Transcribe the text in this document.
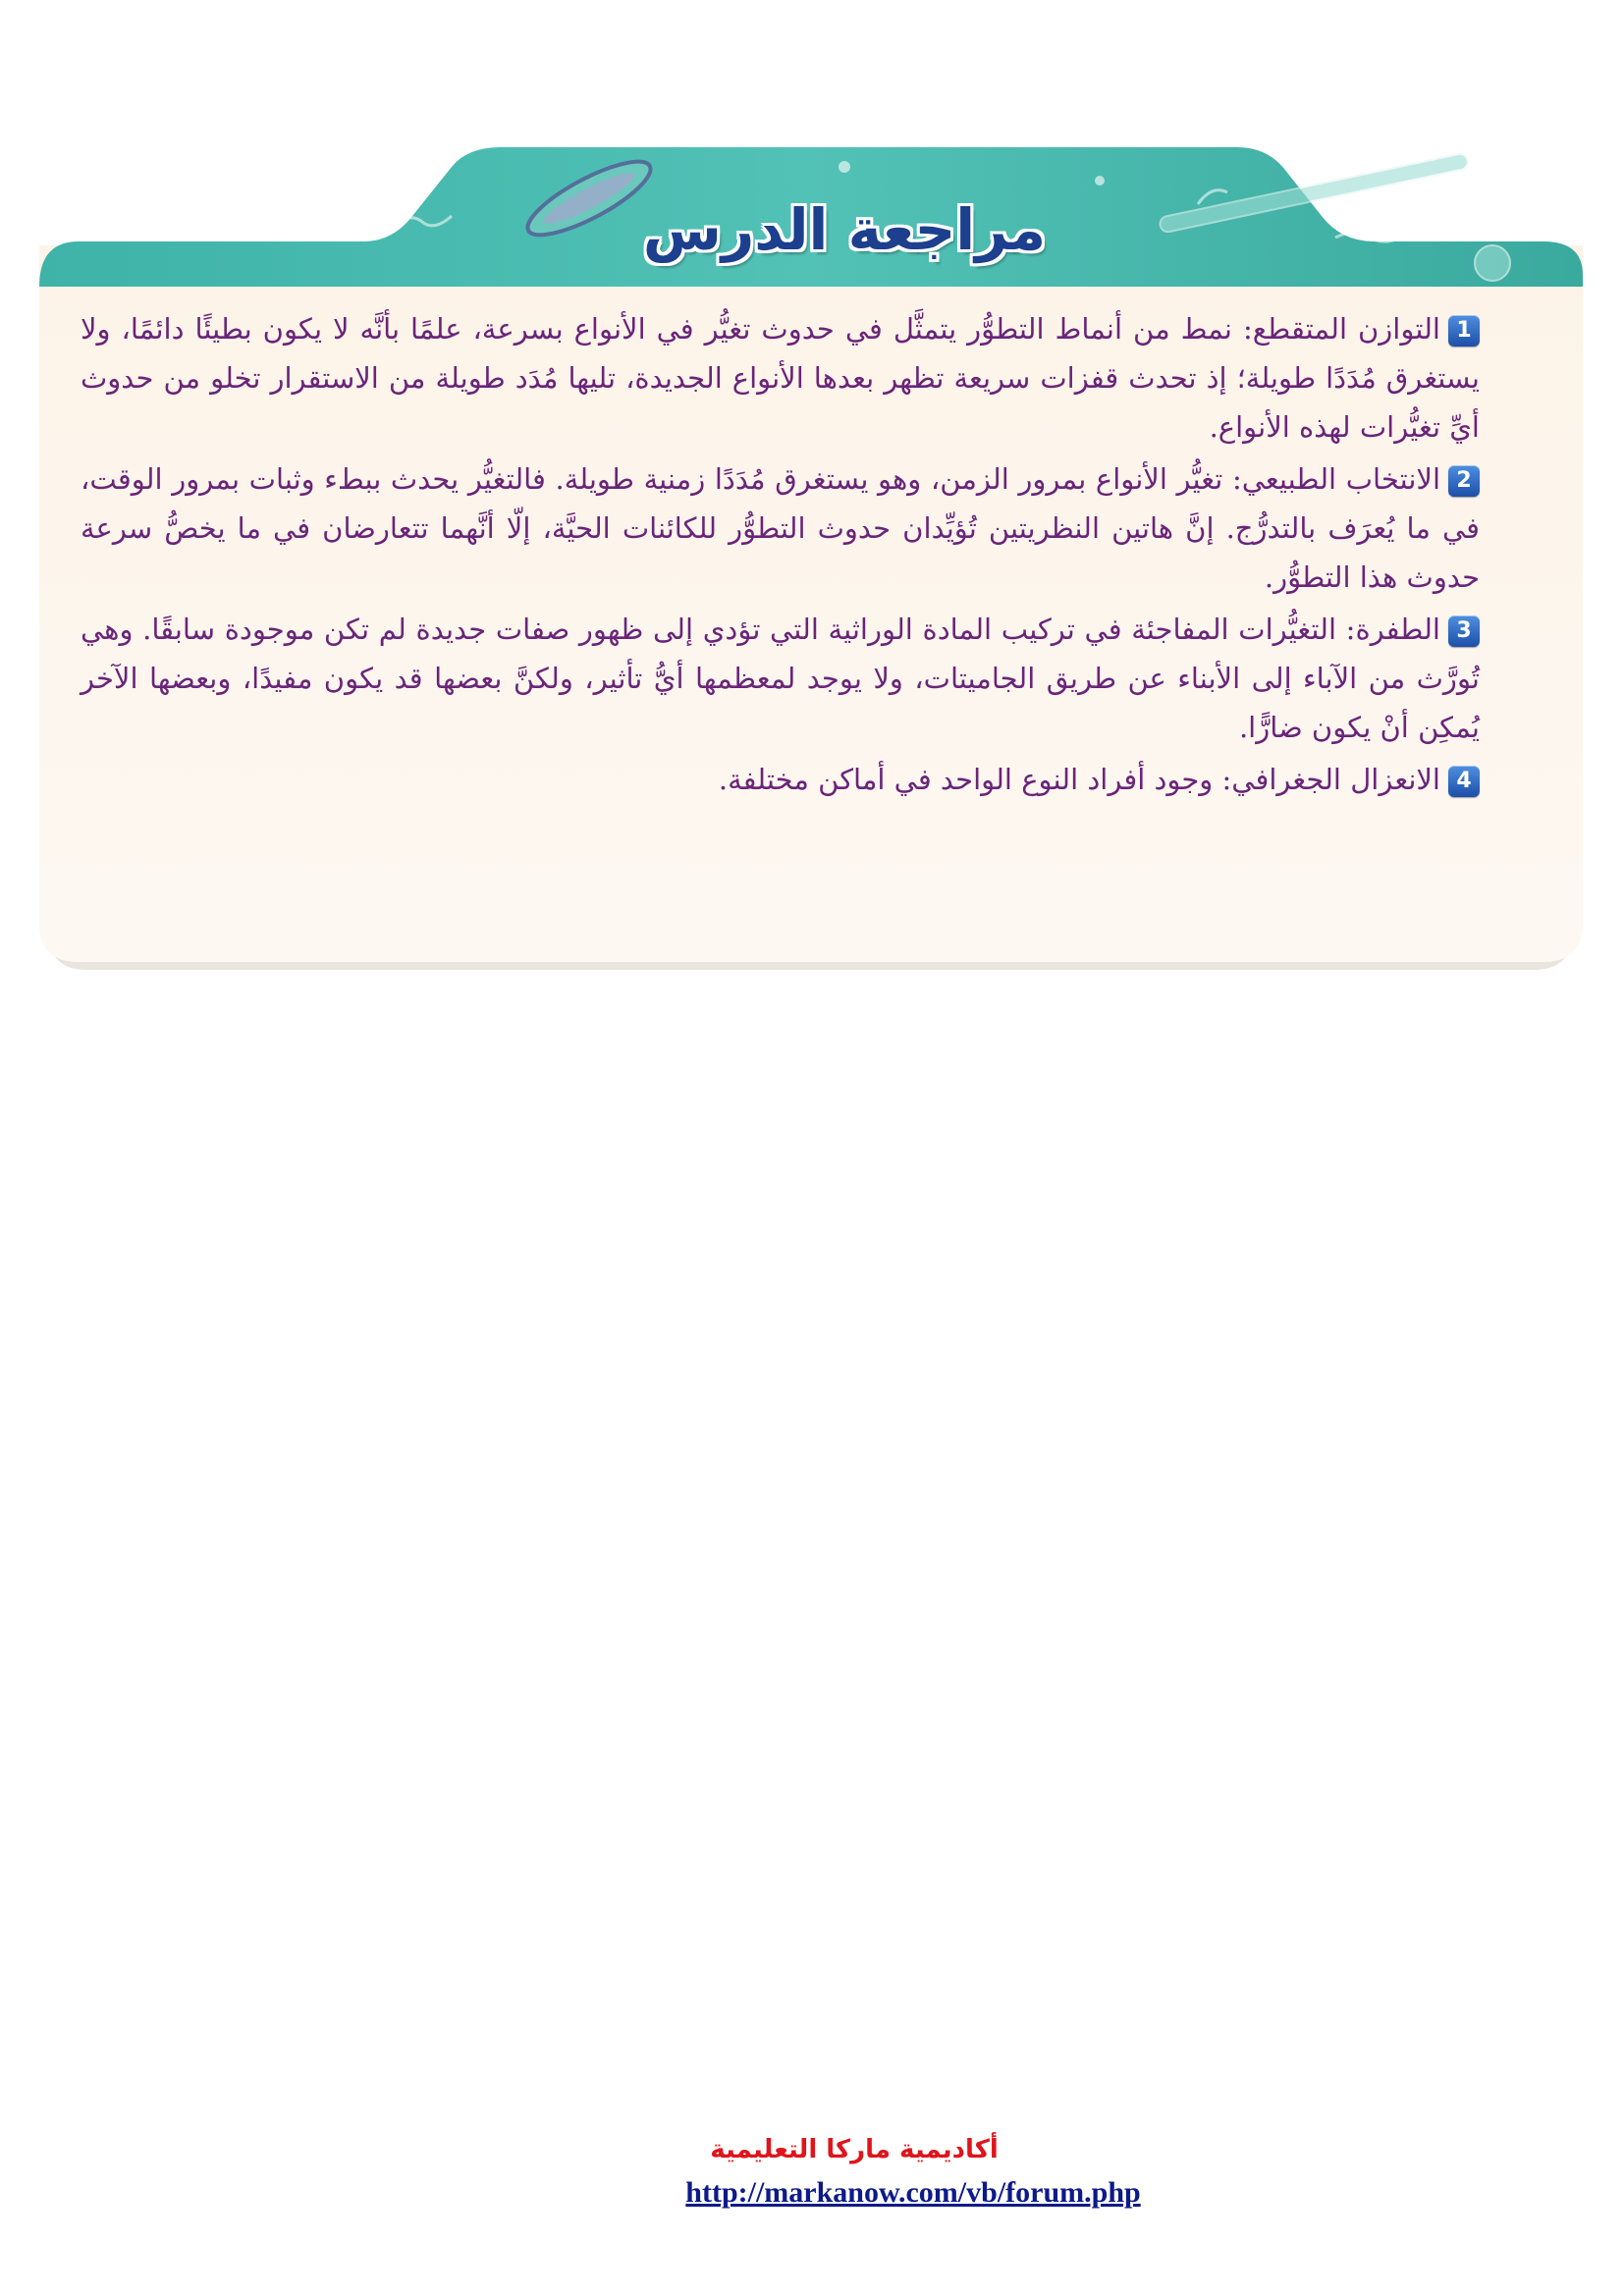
مراجعة الدرس

1التوازن المتقطع: نمط من أنماط التطوُّر يتمثَّل في حدوث تغيُّر في الأنواع بسرعة، علمًا بأنَّه لا يكون بطيئًا دائمًا، ولا يستغرق مُدَدًا طويلة؛ إذ تحدث قفزات سريعة تظهر بعدها الأنواع الجديدة، تليها مُدَد طويلة من الاستقرار تخلو من حدوث أيِّ تغيُّرات لهذه الأنواع.

2الانتخاب الطبيعي: تغيُّر الأنواع بمرور الزمن، وهو يستغرق مُدَدًا زمنية طويلة. فالتغيُّر يحدث ببطء وثبات بمرور الوقت، في ما يُعرَف بالتدرُّج. إنَّ هاتين النظريتين تُؤيِّدان حدوث التطوُّر للكائنات الحيَّة، إلّا أنَّهما تتعارضان في ما يخصُّ سرعة حدوث هذا التطوُّر.

3الطفرة: التغيُّرات المفاجئة في تركيب المادة الوراثية التي تؤدي إلى ظهور صفات جديدة لم تكن موجودة سابقًا. وهي تُورَّث من الآباء إلى الأبناء عن طريق الجاميتات، ولا يوجد لمعظمها أيُّ تأثير، ولكنَّ بعضها قد يكون مفيدًا، وبعضها الآخر يُمكِن أنْ يكون ضارًّا.

4الانعزال الجغرافي: وجود أفراد النوع الواحد في أماكن مختلفة.

أكاديمية ماركا التعليمية
http://markanow.com/vb/forum.php
